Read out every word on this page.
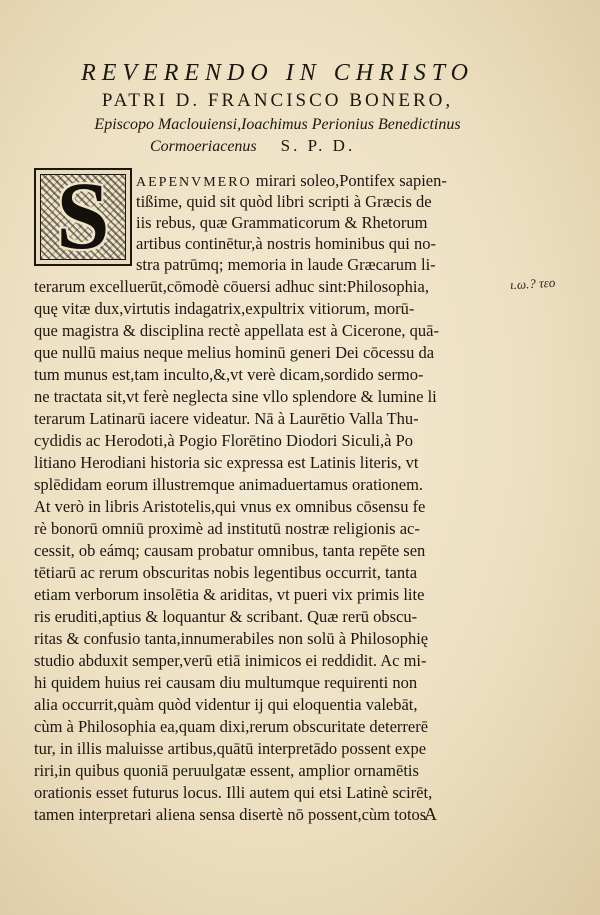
REVERENDO IN CHRISTO
PATRI D. FRANCISCO BONERO,
Episcopo Maclouiensi,Ioachimus Perionius Benedictinus
Cormoeriacenus S. P. D.
S	AEPENVMERO mirari soleo,Pontifex sapien-
tißime, quid sit quòd libri scripti à Græcis de
iis rebus, quæ Grammaticorum & Rhetorum
artibus continētur,à nostris hominibus qui no-
stra patrūmq; memoria in laude Græcarum li-
terarum excelluerūt,cōmodè cōuersi adhuc sint:Philosophia,
quę vitæ dux,virtutis indagatrix,expultrix vitiorum, morū-
que magistra & disciplina rectè appellata est à Cicerone, quā-
que nullū maius neque melius hominū generi Dei cōcessu da
tum munus est,tam inculto,&,vt verè dicam,sordido sermo-
ne tractata sit,vt ferè neglecta sine vllo splendore & lumine li
terarum Latinarū iacere videatur. Nā à Laurētio Valla Thu-
cydidis ac Herodoti,à Pogio Florētino Diodori Siculi,à Po
litiano Herodiani historia sic expressa est Latinis literis, vt
splēdidam eorum illustremque animaduertamus orationem.
At verò in libris Aristotelis,qui vnus ex omnibus cōsensu fe
rè bonorū omniū proximè ad institutū nostræ religionis ac-
cessit, ob eámq; causam probatur omnibus, tanta repēte sen
tētiarū ac rerum obscuritas nobis legentibus occurrit, tanta
etiam verborum insolētia & ariditas, vt pueri vix primis lite
ris eruditi,aptius & loquantur & scribant. Quæ rerū obscu-
ritas & confusio tanta,innumerabiles non solū à Philosophię
studio abduxit semper,verū etiā inimicos ei reddidit. Ac mi-
hi quidem huius rei causam diu multumque requirenti non
alia occurrit,quàm quòd videntur ij qui eloquentia valebāt,
cùm à Philosophia ea,quam dixi,rerum obscuritate deterrerē
tur, in illis maluisse artibus,quātū interpretādo possent expe
riri,in quibus quoniā peruulgatæ essent, amplior ornamētis
orationis esset futurus locus. Illi autem qui etsi Latinè scirēt,
tamen interpretari aliena sensa disertè nō possent,cùm totos
ι.ω.? τεο
A
